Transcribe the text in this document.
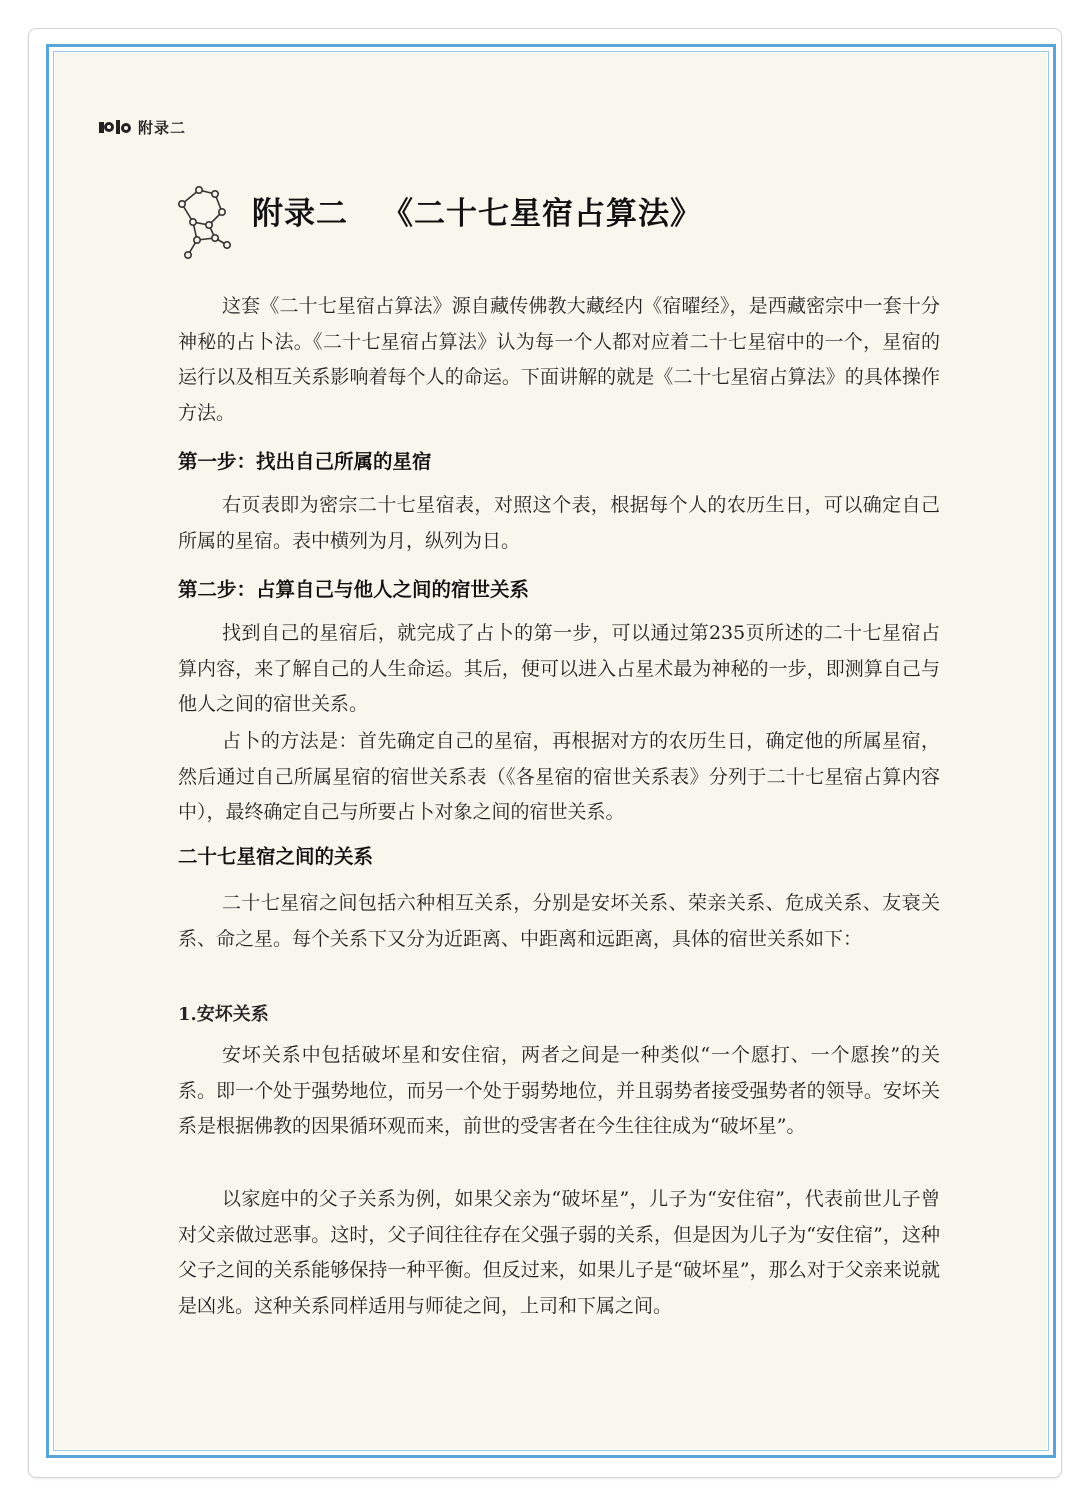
附录二
附录二 《二十七星宿占算法》

这套《二十七星宿占算法》源自藏传佛教大藏经内《宿曜经》，是西藏密宗中一套十分神秘的占卜法。《二十七星宿占算法》认为每一个人都对应着二十七星宿中的一个，星宿的运行以及相互关系影响着每个人的命运。下面讲解的就是《二十七星宿占算法》的具体操作方法。

第一步：找出自己所属的星宿

右页表即为密宗二十七星宿表，对照这个表，根据每个人的农历生日，可以确定自己所属的星宿。表中横列为月，纵列为日。

第二步：占算自己与他人之间的宿世关系

找到自己的星宿后，就完成了占卜的第一步，可以通过第235页所述的二十七星宿占算内容，来了解自己的人生命运。其后，便可以进入占星术最为神秘的一步，即测算自己与他人之间的宿世关系。

占卜的方法是：首先确定自己的星宿，再根据对方的农历生日，确定他的所属星宿，然后通过自己所属星宿的宿世关系表（《各星宿的宿世关系表》分列于二十七星宿占算内容中），最终确定自己与所要占卜对象之间的宿世关系。

二十七星宿之间的关系

二十七星宿之间包括六种相互关系，分别是安坏关系、荣亲关系、危成关系、友衰关系、命之星。每个关系下又分为近距离、中距离和远距离，具体的宿世关系如下：

1.安坏关系

安坏关系中包括破坏星和安住宿，两者之间是一种类似“一个愿打、一个愿挨”的关系。即一个处于强势地位，而另一个处于弱势地位，并且弱势者接受强势者的领导。安坏关系是根据佛教的因果循环观而来，前世的受害者在今生往往成为“破坏星”。

以家庭中的父子关系为例，如果父亲为“破坏星”，儿子为“安住宿”，代表前世儿子曾对父亲做过恶事。这时，父子间往往存在父强子弱的关系，但是因为儿子为“安住宿”，这种父子之间的关系能够保持一种平衡。但反过来，如果儿子是“破坏星”，那么对于父亲来说就是凶兆。这种关系同样适用与师徒之间，上司和下属之间。
